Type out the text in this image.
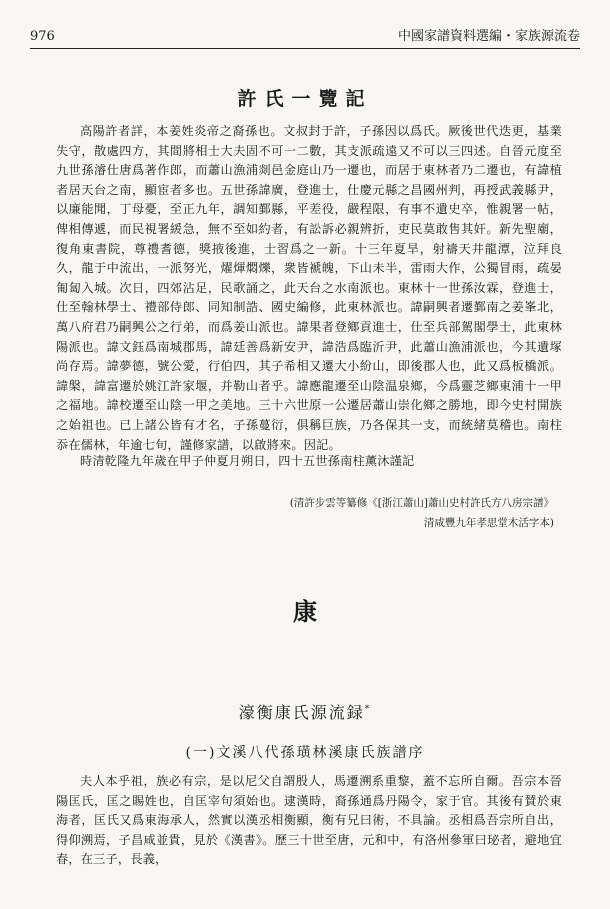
976	中國家譜資料選編・家族源流卷
許氏一覽記

高陽許者詳，本姜姓炎帝之裔孫也。文叔封于許，子孫因以爲氏。厥後世代迭更，基業失守，散處四方，其間將相士大夫固不可一二數，其支派疏遠又不可以三四述。自晉元度至九世孫濬仕唐爲著作郎，而蕭山漁浦剡邑金庭山乃一遷也，而居于東林者乃二遷也，有諱植者居天台之南，顯宦者多也。五世孫諱廣，登進士，仕慶元縣之昌國州判，再授武義縣尹，以廉能聞，丁母憂，至正九年，調知鄞縣，平差役，嚴程限，有事不遺史卒，惟親署一帖，俾相傳遞，而民視署緩急，無不至如約者，有訟訴必親辨折，吏民莫敢售其奸。新先聖廟，復角東書院，尊禮耆德，獎掖後進，士習爲之一新。十三年夏旱，射禱天井龍潭，泣拜良久，龍于中流出，一派努光，燿煇燜爍，衆皆褫魄，下山未半，雷雨大作，公獨冒雨，疏晏匍匐入城。次日，四郊沾足，民歌誦之，此天台之水南派也。東林十一世孫汝霖，登進士，仕至翰林學士、禮部侍郎、同知制誥、國史編修，此東林派也。諱嗣興者遷鄞南之姜峯北，萬八府君乃嗣興公之行弟，而爲姜山派也。諱果者登鄉貢進士，仕至兵部駕閣學士，此東林陽派也。諱文鈺爲南城郡馬，諱廷善爲新安尹，諱浩爲臨沂尹，此蕭山漁浦派也，今其遺塚尚存焉。諱夢德，號公愛，行伯四，其子希相又遷大小紛山，即後郡人也，此又爲板橋派。諱槃，諱富遷於姚江許家堰，并勒山者乎。諱應龍遷至山陰温泉鄉，今爲靈芝鄉東浦十一甲之福地。諱校遷至山陰一甲之美地。三十六世原一公遷居蕭山崇化鄉之勝地，即今史村開族之始祖也。已上諸公皆有才名，子孫蔓衍，俱稱巨族，乃各保其一支，而統緒莫稽也。南柱忝在儒林，年逾七旬，謹修家譜，以啟將來。因記。

時清乾隆九年歲在甲子仲夏月朔日，四十五世孫南柱薰沐謹記

(清許步雲等纂修《[浙江蕭山]蕭山史村許氏方八房宗譜》
清咸豐九年孝思堂木活字本)
康
濠衡康氏源流録*
(一)文溪八代孫璜林溪康氏族譜序

夫人本乎祖，族必有宗，是以尼父自謂殷人，馬遷溯系重黎，蓋不忘所自爾。吾宗本晉陽匡氏，匡之賜姓也，自匡宰句須始也。逮漢時，裔孫通爲丹陽令，家于官。其後有賛於東海者，匡氏又爲東海承人，然實以漢丞相衡顯，衡有兄曰術，不具論。丞相爲吾宗所自出，得仰溯焉，子昌咸並貴，見於《漢書》。歷三十世至唐，元和中，有洛州參軍曰珌者，避地宜春，在三子，長義，
